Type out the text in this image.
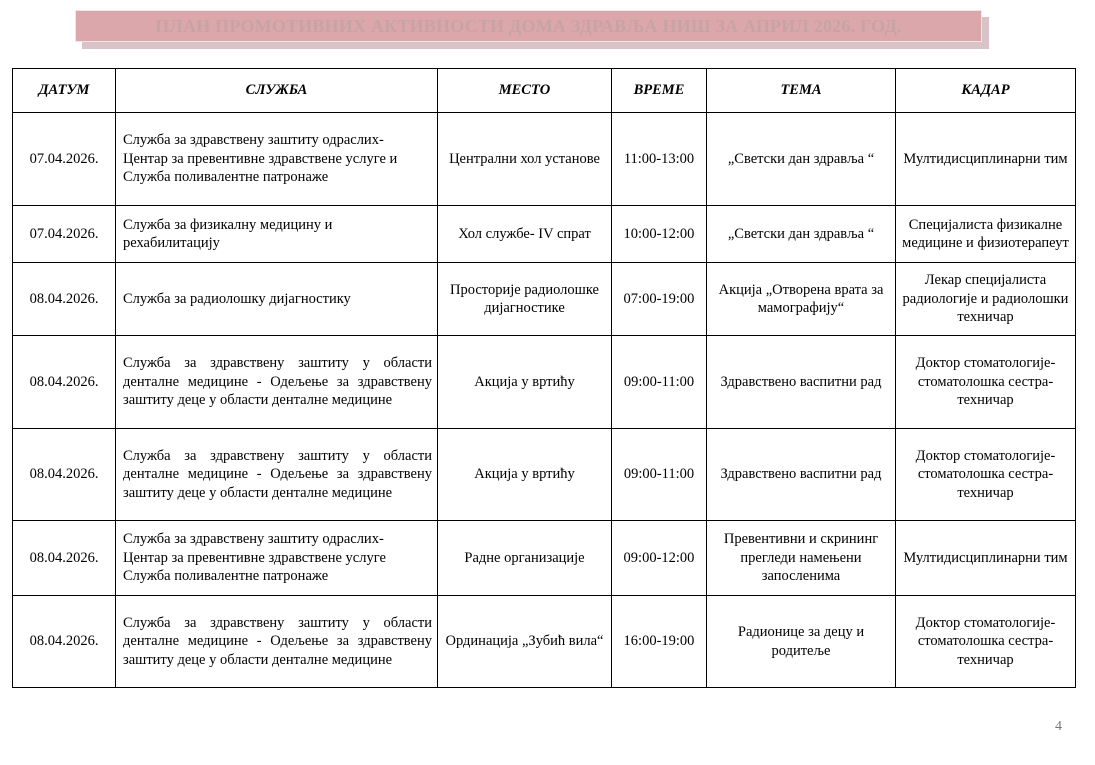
ПЛАН ПРОМОТИВНИХ АКТИВНОСТИ ДОМА ЗДРАВЉА НИШ ЗА АПРИЛ 2026. ГОД.
ДАТУМ	СЛУЖБА	МЕСТО	ВРЕМЕ	ТЕМА	КАДАР
07.04.2026.	Служба за здравствену заштиту одраслих- Центар за превентивне здравствене услуге и Служба поливалентне патронаже	Централни хол установе	11:00-13:00	„Светски дан здравља “	Мултидисциплинарни тим
07.04.2026.	Служба за физикалну медицину и рехабилитацију	Хол службе- IV спрат	10:00-12:00	„Светски дан здравља “	Специјалиста физикалне медицине и физиотерапеут
08.04.2026.	Служба за радиолошку дијагностику	Просторије радиолошке дијагностике	07:00-19:00	Акција „Отворена врата за мамографију“	Лекар специјалиста радиологије и радиолошки техничар
08.04.2026.	Служба за здравствену заштиту у области денталне медицине - Одељење за здравствену заштиту деце у области денталне медицине	Акција у вртићу	09:00-11:00	Здравствено васпитни рад	Доктор стоматологије- стоматолошка сестра- техничар
08.04.2026.	Служба за здравствену заштиту у области денталне медицине - Одељење за здравствену заштиту деце у области денталне медицине	Акција у вртићу	09:00-11:00	Здравствено васпитни рад	Доктор стоматологије- стоматолошка сестра- техничар
08.04.2026.	Служба за здравствену заштиту одраслих- Центар за превентивне здравствене услуге Служба поливалентне патронаже	Радне организације	09:00-12:00	Превентивни и скрининг прегледи намењени запосленима	Мултидисциплинарни тим
08.04.2026.	Служба за здравствену заштиту у области денталне медицине - Одељење за здравствену заштиту деце у области денталне медицине	Ординација „Зубић вила“	16:00-19:00	Радионице за децу и родитеље	Доктор стоматологије- стоматолошка сестра- техничар
4
